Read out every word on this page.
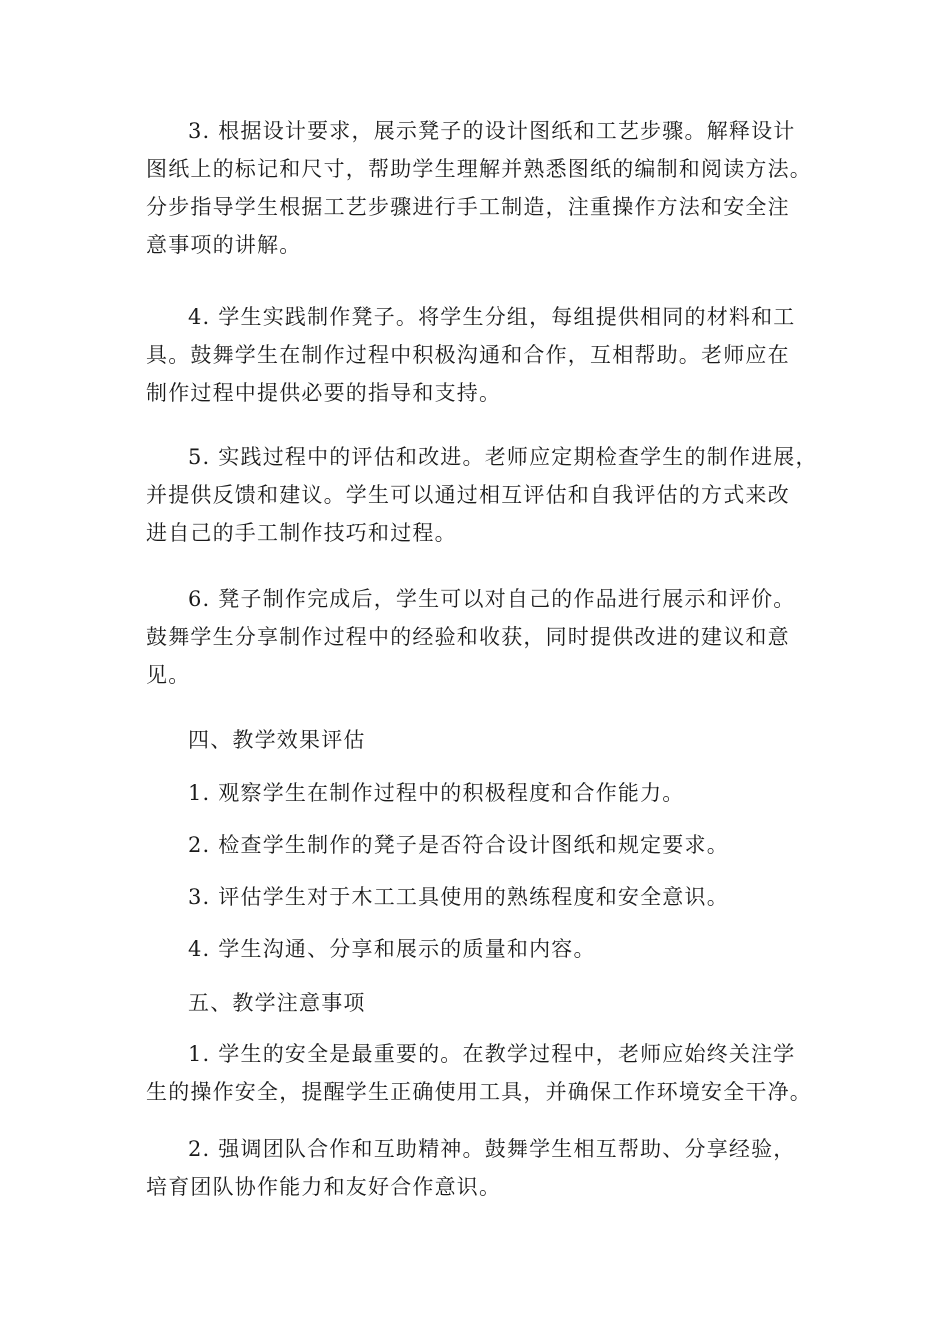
3. 根据设计要求，展示凳子的设计图纸和工艺步骤。解释设计
图纸上的标记和尺寸，帮助学生理解并熟悉图纸的编制和阅读方法。
分步指导学生根据工艺步骤进行手工制造，注重操作方法和安全注
意事项的讲解。

4. 学生实践制作凳子。将学生分组，每组提供相同的材料和工
具。鼓舞学生在制作过程中积极沟通和合作，互相帮助。老师应在
制作过程中提供必要的指导和支持。

5. 实践过程中的评估和改进。老师应定期检查学生的制作进展，
并提供反馈和建议。学生可以通过相互评估和自我评估的方式来改
进自己的手工制作技巧和过程。

6. 凳子制作完成后，学生可以对自己的作品进行展示和评价。
鼓舞学生分享制作过程中的经验和收获，同时提供改进的建议和意
见。

四、教学效果评估

1. 观察学生在制作过程中的积极程度和合作能力。

2. 检查学生制作的凳子是否符合设计图纸和规定要求。

3. 评估学生对于木工工具使用的熟练程度和安全意识。

4. 学生沟通、分享和展示的质量和内容。

五、教学注意事项

1. 学生的安全是最重要的。在教学过程中，老师应始终关注学
生的操作安全，提醒学生正确使用工具，并确保工作环境安全干净。

2. 强调团队合作和互助精神。鼓舞学生相互帮助、分享经验，
培育团队协作能力和友好合作意识。
